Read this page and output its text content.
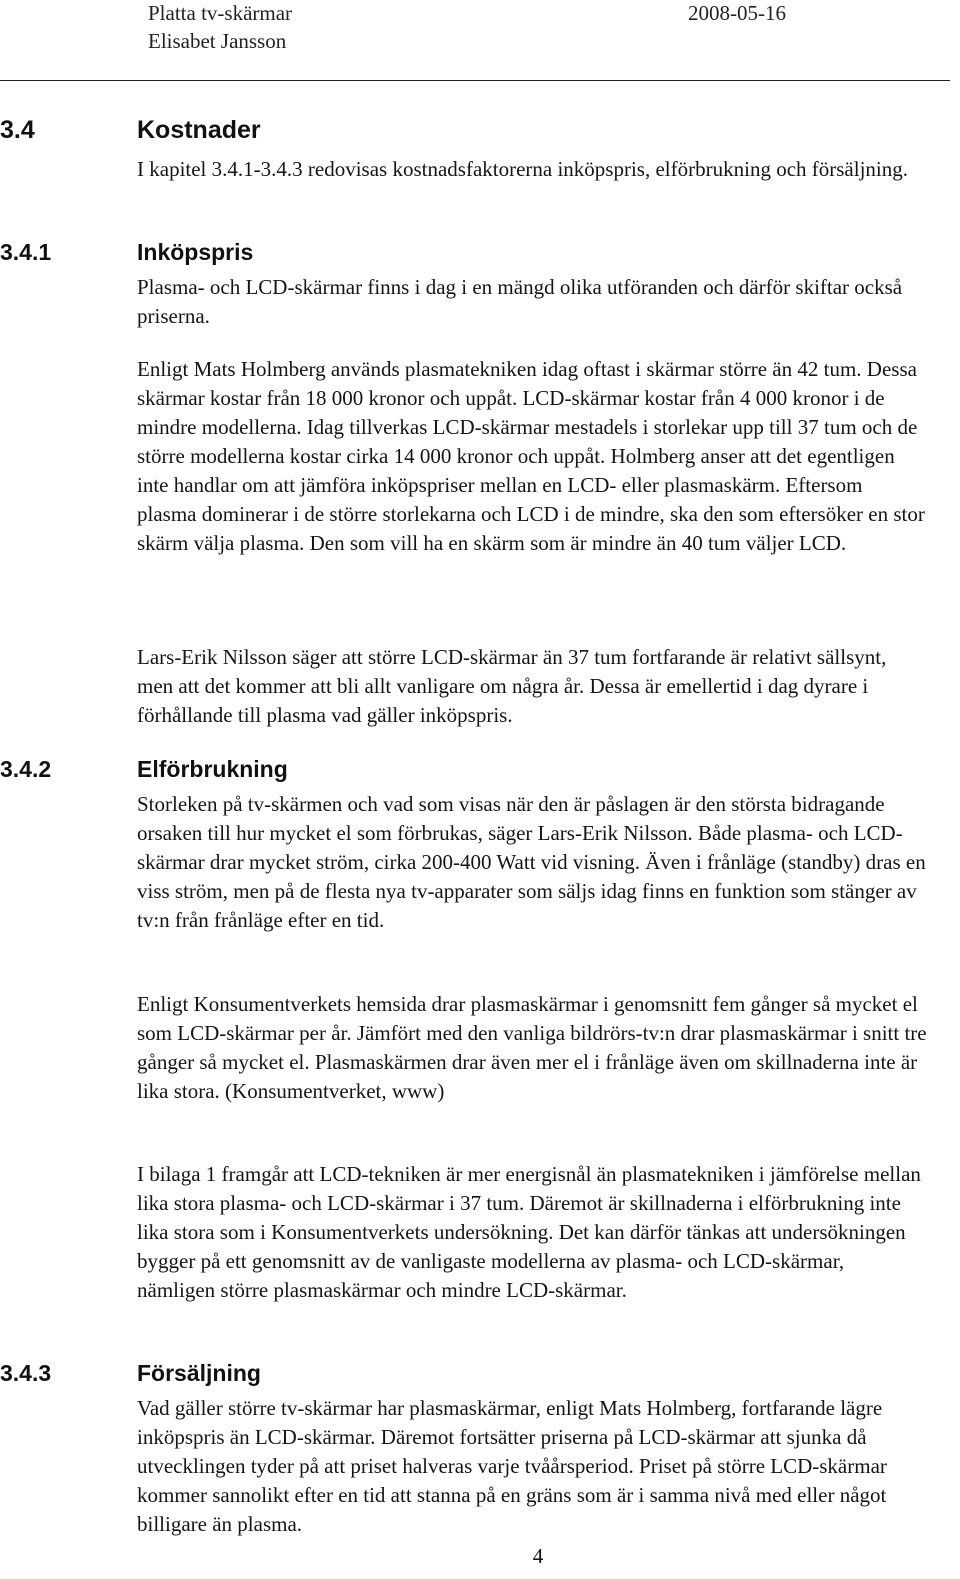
Platta tv-skärmar
Elisabet Jansson
2008-05-16
3.4	Kostnader

I kapitel 3.4.1-3.4.3 redovisas kostnadsfaktorerna inköpspris, elförbrukning och försäljning.

3.4.1	Inköpspris

Plasma- och LCD-skärmar finns i dag i en mängd olika utföranden och därför skiftar också priserna.

Enligt Mats Holmberg används plasmatekniken idag oftast i skärmar större än 42 tum. Dessa skärmar kostar från 18 000 kronor och uppåt. LCD-skärmar kostar från 4 000 kronor i de mindre modellerna. Idag tillverkas LCD-skärmar mestadels i storlekar upp till 37 tum och de större modellerna kostar cirka 14 000 kronor och uppåt. Holmberg anser att det egentligen inte handlar om att jämföra inköpspriser mellan en LCD- eller plasmaskärm. Eftersom plasma dominerar i de större storlekarna och LCD i de mindre, ska den som eftersöker en stor skärm välja plasma. Den som vill ha en skärm som är mindre än 40 tum väljer LCD.

Lars-Erik Nilsson säger att större LCD-skärmar än 37 tum fortfarande är relativt sällsynt, men att det kommer att bli allt vanligare om några år. Dessa är emellertid i dag dyrare i förhållande till plasma vad gäller inköpspris.

3.4.2	Elförbrukning

Storleken på tv-skärmen och vad som visas när den är påslagen är den största bidragande orsaken till hur mycket el som förbrukas, säger Lars-Erik Nilsson. Både plasma- och LCD-skärmar drar mycket ström, cirka 200-400 Watt vid visning. Även i frånläge (standby) dras en viss ström, men på de flesta nya tv-apparater som säljs idag finns en funktion som stänger av tv:n från frånläge efter en tid.

Enligt Konsumentverkets hemsida drar plasmaskärmar i genomsnitt fem gånger så mycket el som LCD-skärmar per år. Jämfört med den vanliga bildrörs-tv:n drar plasmaskärmar i snitt tre gånger så mycket el. Plasmaskärmen drar även mer el i frånläge även om skillnaderna inte är lika stora. (Konsumentverket, www)

I bilaga 1 framgår att LCD-tekniken är mer energisnål än plasmatekniken i jämförelse mellan lika stora plasma- och LCD-skärmar i 37 tum. Däremot är skillnaderna i elförbrukning inte lika stora som i Konsumentverkets undersökning. Det kan därför tänkas att undersökningen bygger på ett genomsnitt av de vanligaste modellerna av plasma- och LCD-skärmar, nämligen större plasmaskärmar och mindre LCD-skärmar.

3.4.3	Försäljning

Vad gäller större tv-skärmar har plasmaskärmar, enligt Mats Holmberg, fortfarande lägre inköpspris än LCD-skärmar. Däremot fortsätter priserna på LCD-skärmar att sjunka då utvecklingen tyder på att priset halveras varje tvåårsperiod. Priset på större LCD-skärmar kommer sannolikt efter en tid att stanna på en gräns som är i samma nivå med eller något billigare än plasma.

4
